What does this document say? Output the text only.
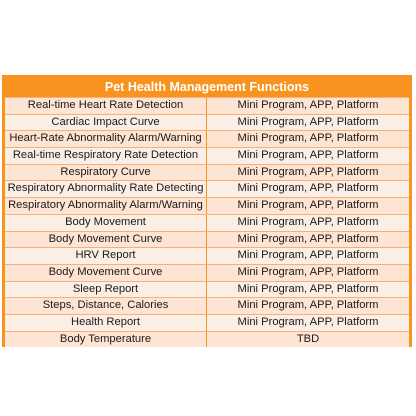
Pet Health Management Functions
Real-time Heart Rate Detection	Mini Program, APP, Platform
Cardiac Impact Curve	Mini Program, APP, Platform
Heart-Rate Abnormality Alarm/Warning	Mini Program, APP, Platform
Real-time Respiratory Rate Detection	Mini Program, APP, Platform
Respiratory Curve	Mini Program, APP, Platform
Respiratory Abnormality Rate Detecting	Mini Program, APP, Platform
Respiratory Abnormality Alarm/Warning	Mini Program, APP, Platform
Body Movement	Mini Program, APP, Platform
Body Movement Curve	Mini Program, APP, Platform
HRV Report	Mini Program, APP, Platform
Body Movement Curve	Mini Program, APP, Platform
Sleep Report	Mini Program, APP, Platform
Steps, Distance, Calories	Mini Program, APP, Platform
Health Report	Mini Program, APP, Platform
Body Temperature	TBD
